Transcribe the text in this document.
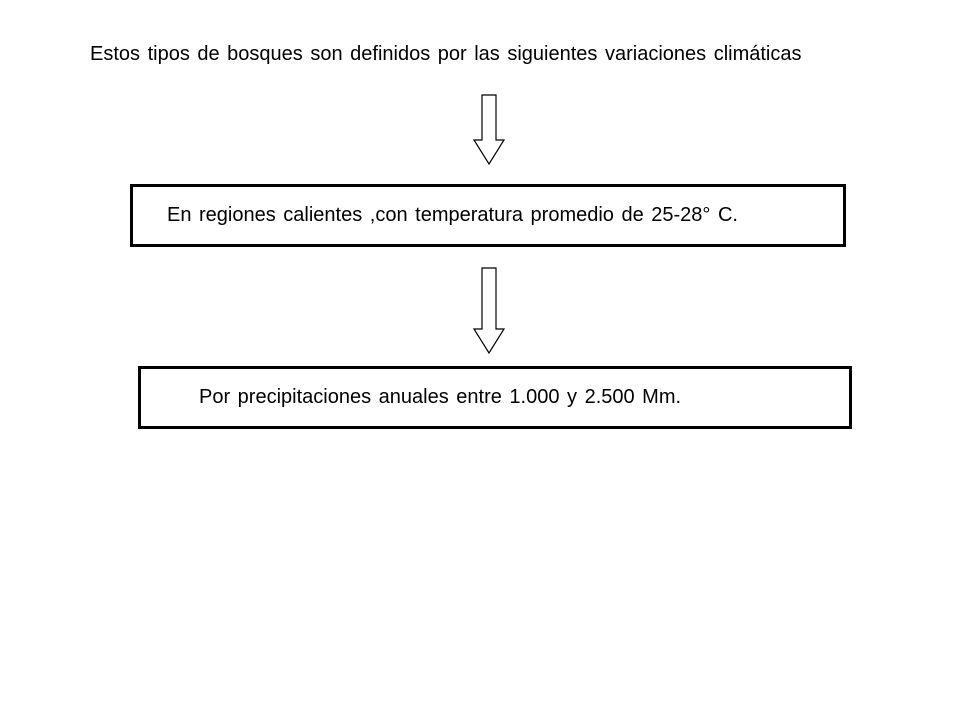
Estos tipos de bosques son definidos por las siguientes variaciones climáticas
En regiones calientes ,con temperatura promedio de 25-28° C.
Por precipitaciones anuales entre 1.000 y 2.500 Mm.
